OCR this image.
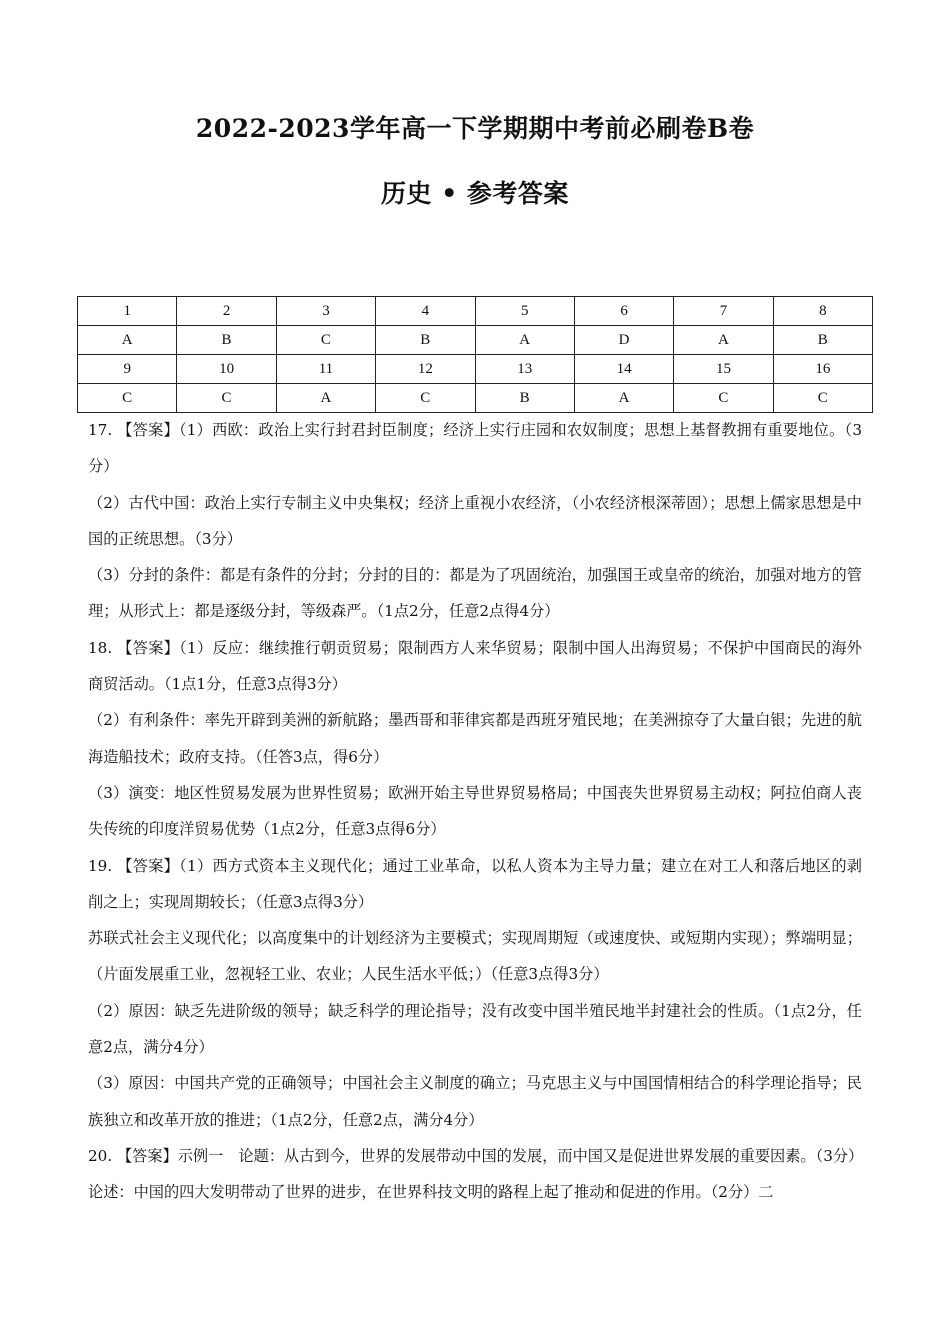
2022-2023学年高一下学期期中考前必刷卷B卷
历史 • 参考答案
1	2	3	4	5	6	7	8
A	B	C	B	A	D	A	B
9	10	11	12	13	14	15	16
C	C	A	C	B	A	C	C

17. 【答案】（1）西欧：政治上实行封君封臣制度；经济上实行庄园和农奴制度；思想上基督教拥有重要地位。（3分）

（2）古代中国：政治上实行专制主义中央集权；经济上重视小农经济，（小农经济根深蒂固）；思想上儒家思想是中国的正统思想。（3分）

（3）分封的条件：都是有条件的分封；分封的目的：都是为了巩固统治，加强国王或皇帝的统治，加强对地方的管理；从形式上：都是逐级分封，等级森严。（1点2分，任意2点得4分）

18. 【答案】（1）反应：继续推行朝贡贸易；限制西方人来华贸易；限制中国人出海贸易；不保护中国商民的海外商贸活动。（1点1分，任意3点得3分）

（2）有利条件：率先开辟到美洲的新航路；墨西哥和菲律宾都是西班牙殖民地；在美洲掠夺了大量白银；先进的航海造船技术；政府支持。（任答3点，得6分）

（3）演变：地区性贸易发展为世界性贸易；欧洲开始主导世界贸易格局；中国丧失世界贸易主动权；阿拉伯商人丧失传统的印度洋贸易优势（1点2分，任意3点得6分）

19. 【答案】（1）西方式资本主义现代化；通过工业革命，以私人资本为主导力量；建立在对工人和落后地区的剥削之上；实现周期较长；（任意3点得3分）

苏联式社会主义现代化；以高度集中的计划经济为主要模式；实现周期短（或速度快、或短期内实现）；弊端明显；（片面发展重工业，忽视轻工业、农业；人民生活水平低；）（任意3点得3分）

（2）原因：缺乏先进阶级的领导；缺乏科学的理论指导；没有改变中国半殖民地半封建社会的性质。（1点2分，任意2点，满分4分）

（3）原因：中国共产党的正确领导；中国社会主义制度的确立；马克思主义与中国国情相结合的科学理论指导；民族独立和改革开放的推进；（1点2分，任意2点，满分4分）

20. 【答案】示例一　论题：从古到今，世界的发展带动中国的发展，而中国又是促进世界发展的重要因素。（3分）

论述：中国的四大发明带动了世界的进步，在世界科技文明的路程上起了推动和促进的作用。（2分）二
